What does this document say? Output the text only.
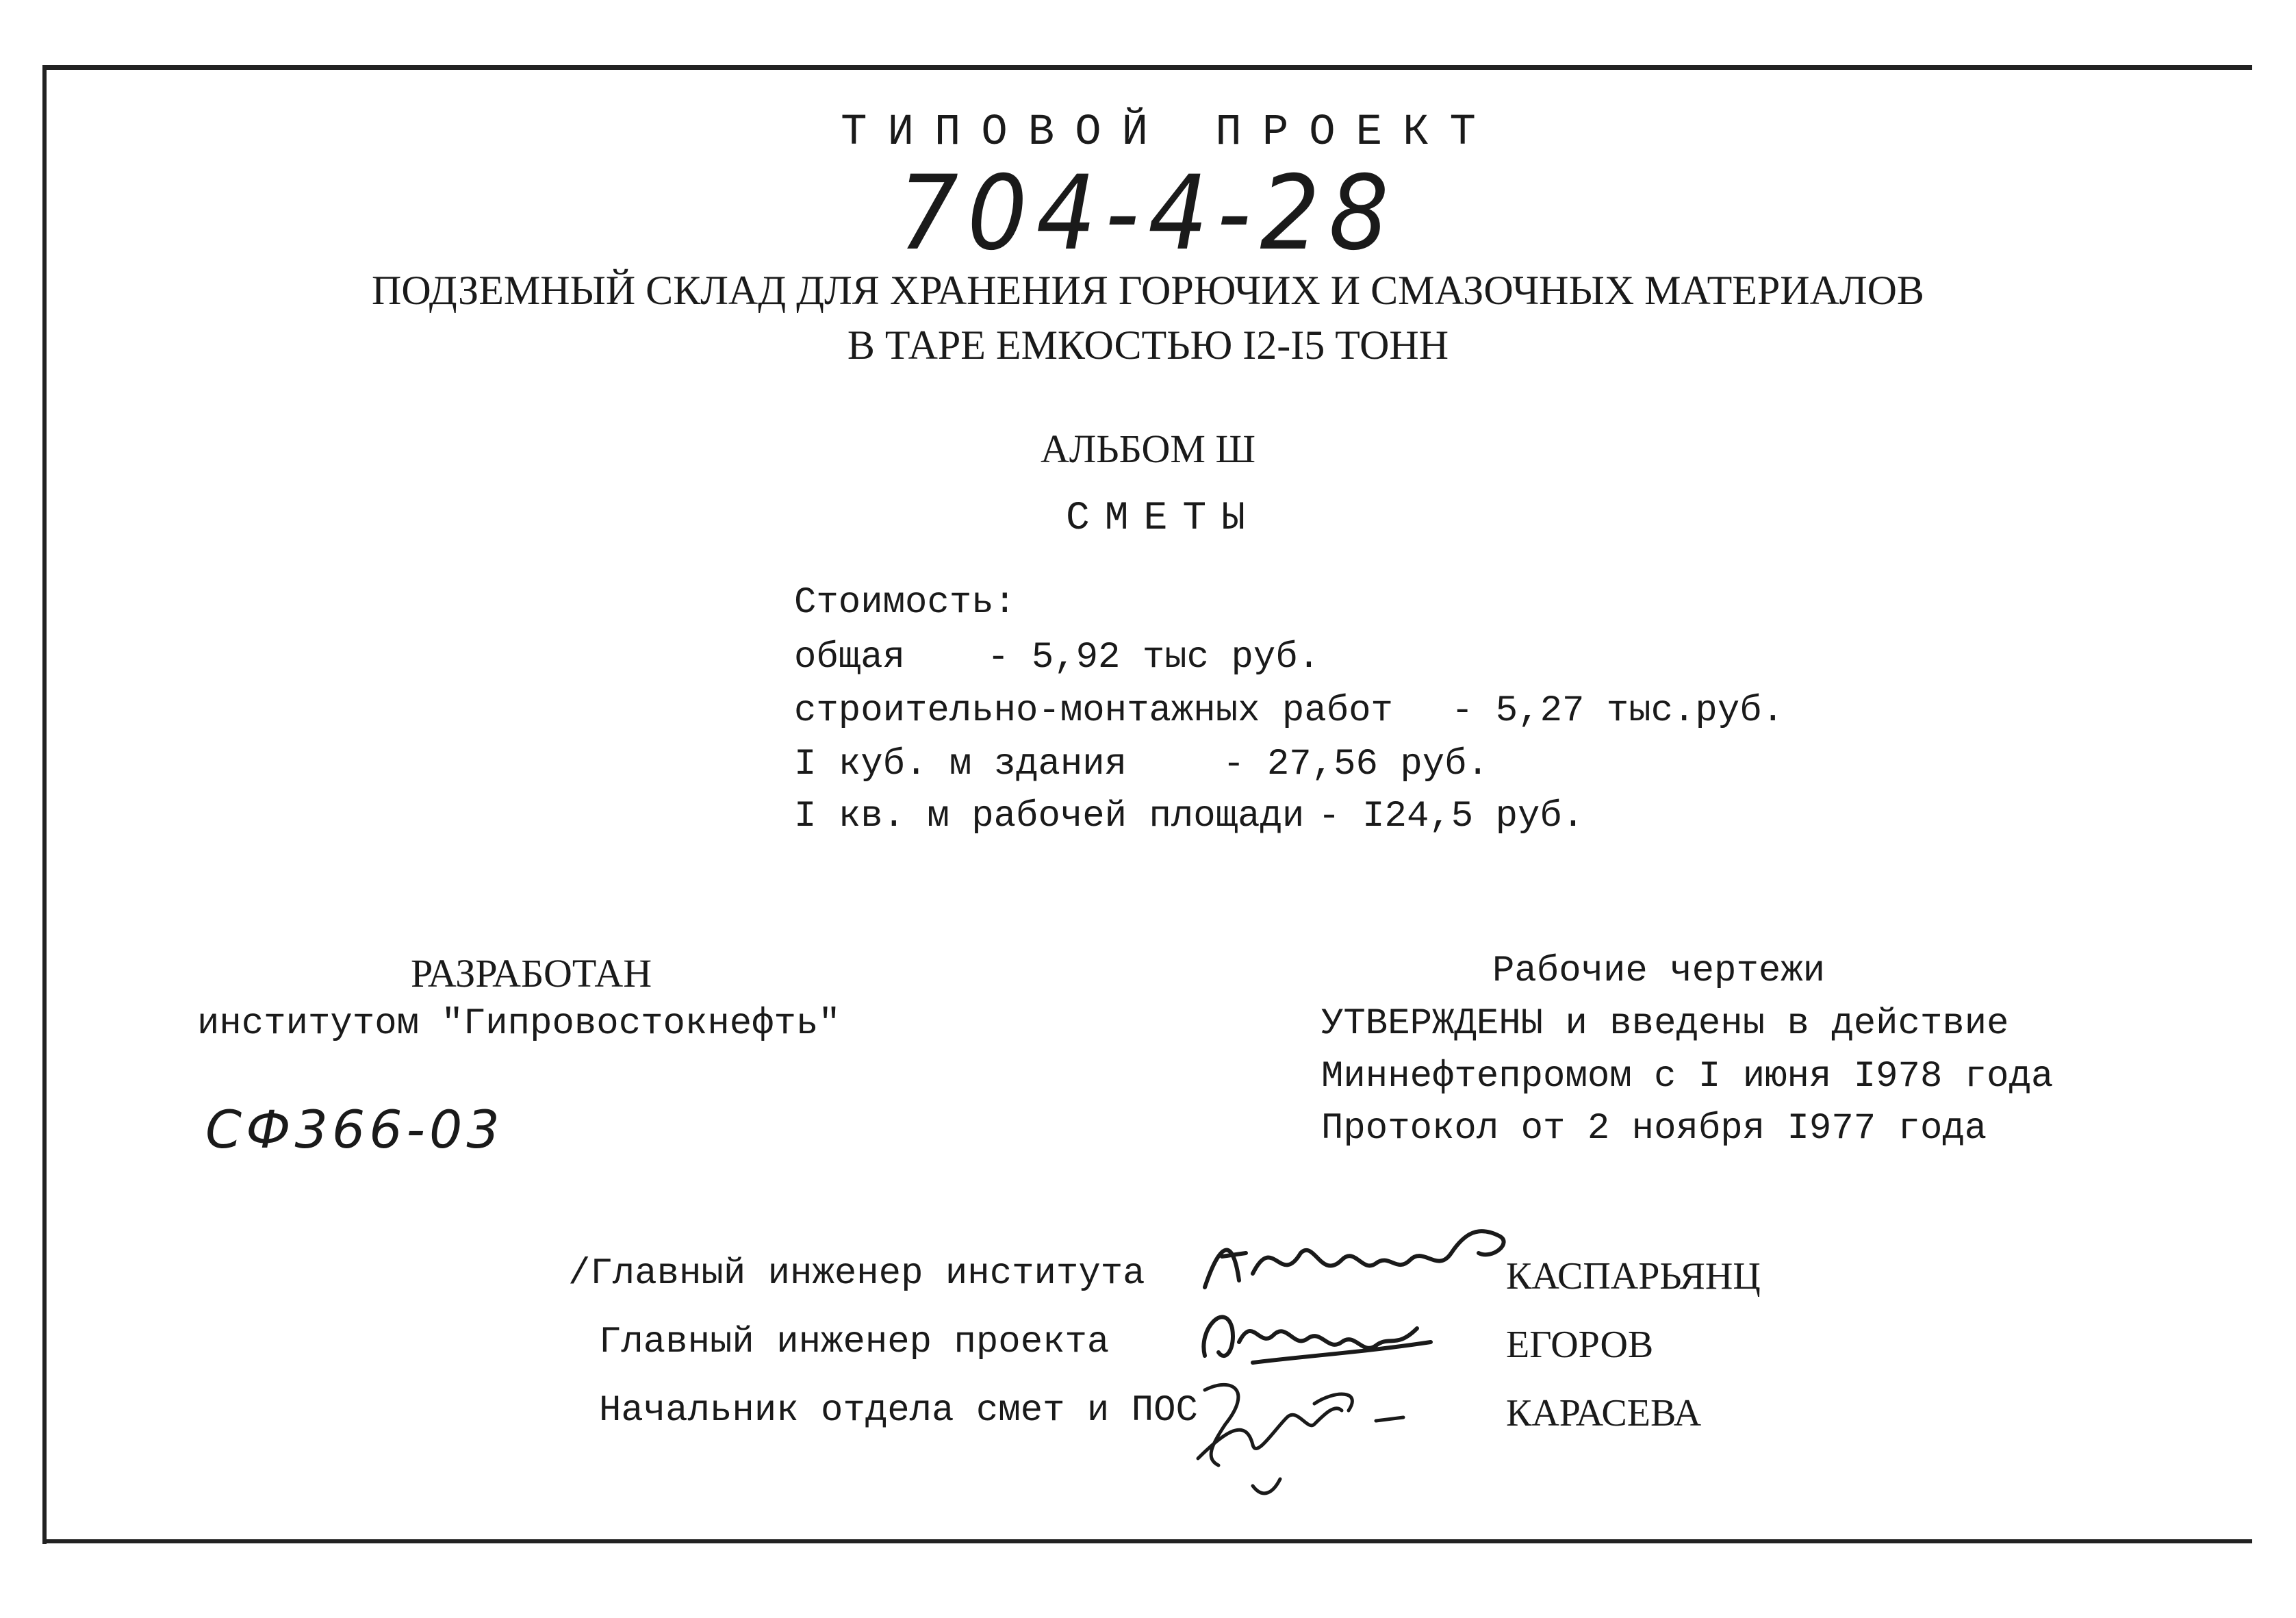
ТИПОВОЙ ПРОЕКТ
704-4-28
ПОДЗЕМНЫЙ СКЛАД ДЛЯ ХРАНЕНИЯ ГОРЮЧИХ И СМАЗОЧНЫХ МАТЕРИАЛОВ
В ТАРЕ ЕМКОСТЬЮ I2-I5 ТОНН
АЛЬБОМ Ш
СМЕТЫ
Стоимость:
общая - 5,92 тыс руб.
строительно-монтажных работ - 5,27 тыс.руб.
I куб. м здания	- 27,56 руб.
I кв. м рабочей площади - I24,5 руб.
РАЗРАБОТАН
институтом "Гипровостокнефть"
СФ366-03
Рабочие чертежи
УТВЕРЖДЕНЫ и введены в действие
Миннефтепромом с I июня I978 года
Протокол от 2 ноября I977 года
/Главный инженер института
Главный инженер проекта
Начальник отдела смет и ПОС
КАСПАРЬЯНЦ
ЕГОРОВ
КАРАСЕВА
